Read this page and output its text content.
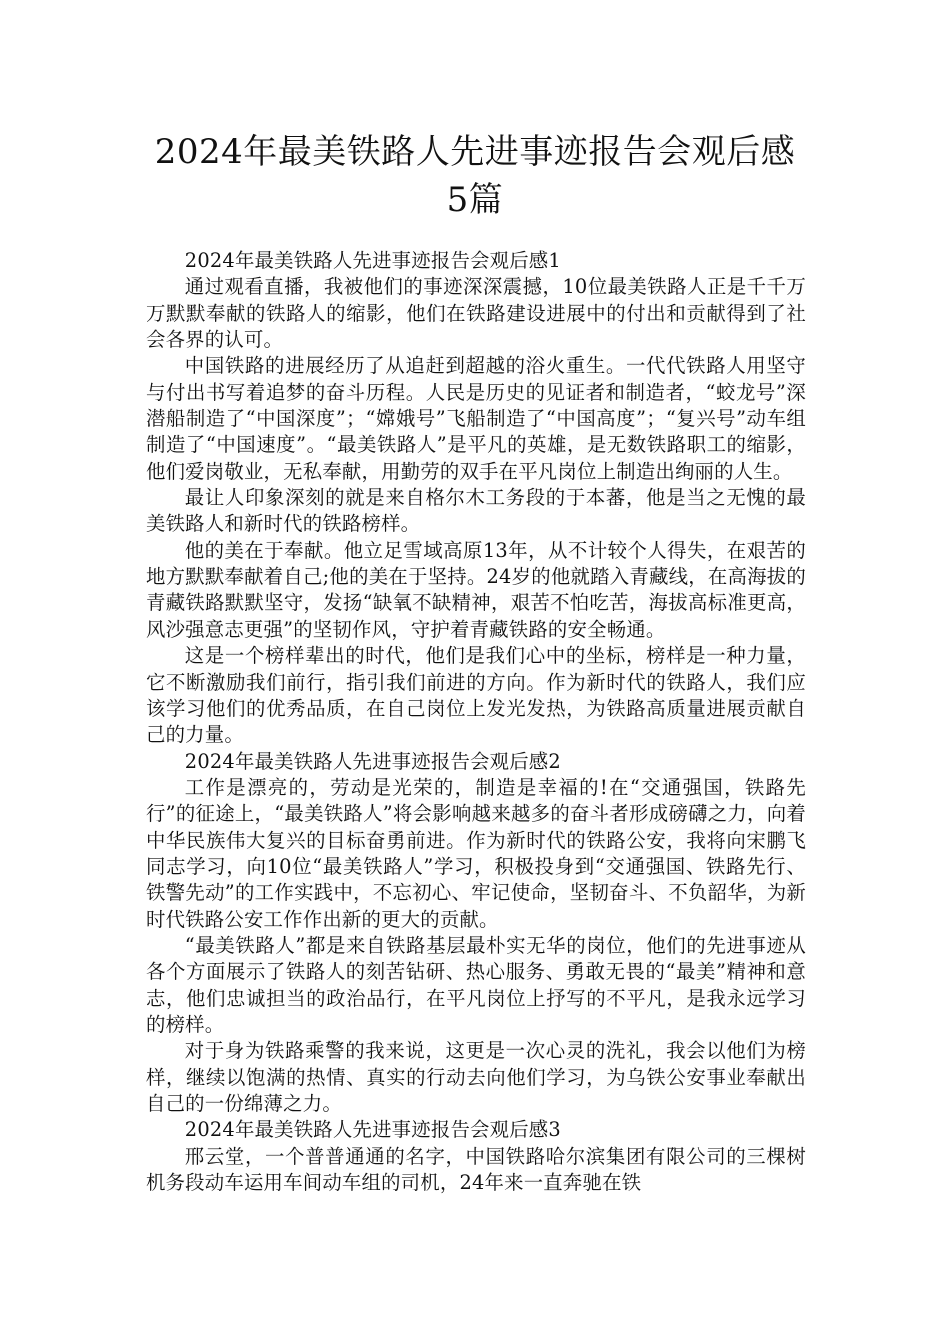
2024年最美铁路人先进事迹报告会观后感
5篇

2024年最美铁路人先进事迹报告会观后感1

通过观看直播，我被他们的事迹深深震撼，10位最美铁路人正是千千万万默默奉献的铁路人的缩影，他们在铁路建设进展中的付出和贡献得到了社会各界的认可。

中国铁路的进展经历了从追赶到超越的浴火重生。一代代铁路人用坚守与付出书写着追梦的奋斗历程。人民是历史的见证者和制造者，“蛟龙号”深潜船制造了“中国深度”；“嫦娥号”飞船制造了“中国高度”；“复兴号”动车组制造了“中国速度”。“最美铁路人”是平凡的英雄，是无数铁路职工的缩影，他们爱岗敬业，无私奉献，用勤劳的双手在平凡岗位上制造出绚丽的人生。

最让人印象深刻的就是来自格尔木工务段的于本蕃，他是当之无愧的最美铁路人和新时代的铁路榜样。

他的美在于奉献。他立足雪域高原13年，从不计较个人得失，在艰苦的地方默默奉献着自己;他的美在于坚持。24岁的他就踏入青藏线，在高海拔的青藏铁路默默坚守，发扬“缺氧不缺精神，艰苦不怕吃苦，海拔高标准更高，风沙强意志更强”的坚韧作风，守护着青藏铁路的安全畅通。

这是一个榜样辈出的时代，他们是我们心中的坐标，榜样是一种力量，它不断激励我们前行，指引我们前进的方向。作为新时代的铁路人，我们应该学习他们的优秀品质，在自己岗位上发光发热，为铁路高质量进展贡献自己的力量。

2024年最美铁路人先进事迹报告会观后感2

工作是漂亮的，劳动是光荣的，制造是幸福的!在“交通强国，铁路先行”的征途上，“最美铁路人”将会影响越来越多的奋斗者形成磅礴之力，向着中华民族伟大复兴的目标奋勇前进。作为新时代的铁路公安，我将向宋鹏飞同志学习，向10位“最美铁路人”学习，积极投身到“交通强国、铁路先行、铁警先动”的工作实践中，不忘初心、牢记使命，坚韧奋斗、不负韶华，为新时代铁路公安工作作出新的更大的贡献。

“最美铁路人”都是来自铁路基层最朴实无华的岗位，他们的先进事迹从各个方面展示了铁路人的刻苦钻研、热心服务、勇敢无畏的“最美”精神和意志，他们忠诚担当的政治品行，在平凡岗位上抒写的不平凡，是我永远学习的榜样。

对于身为铁路乘警的我来说，这更是一次心灵的洗礼，我会以他们为榜样，继续以饱满的热情、真实的行动去向他们学习，为乌铁公安事业奉献出自己的一份绵薄之力。

2024年最美铁路人先进事迹报告会观后感3

邢云堂，一个普普通通的名字，中国铁路哈尔滨集团有限公司的三棵树机务段动车运用车间动车组的司机，24年来一直奔驰在铁
